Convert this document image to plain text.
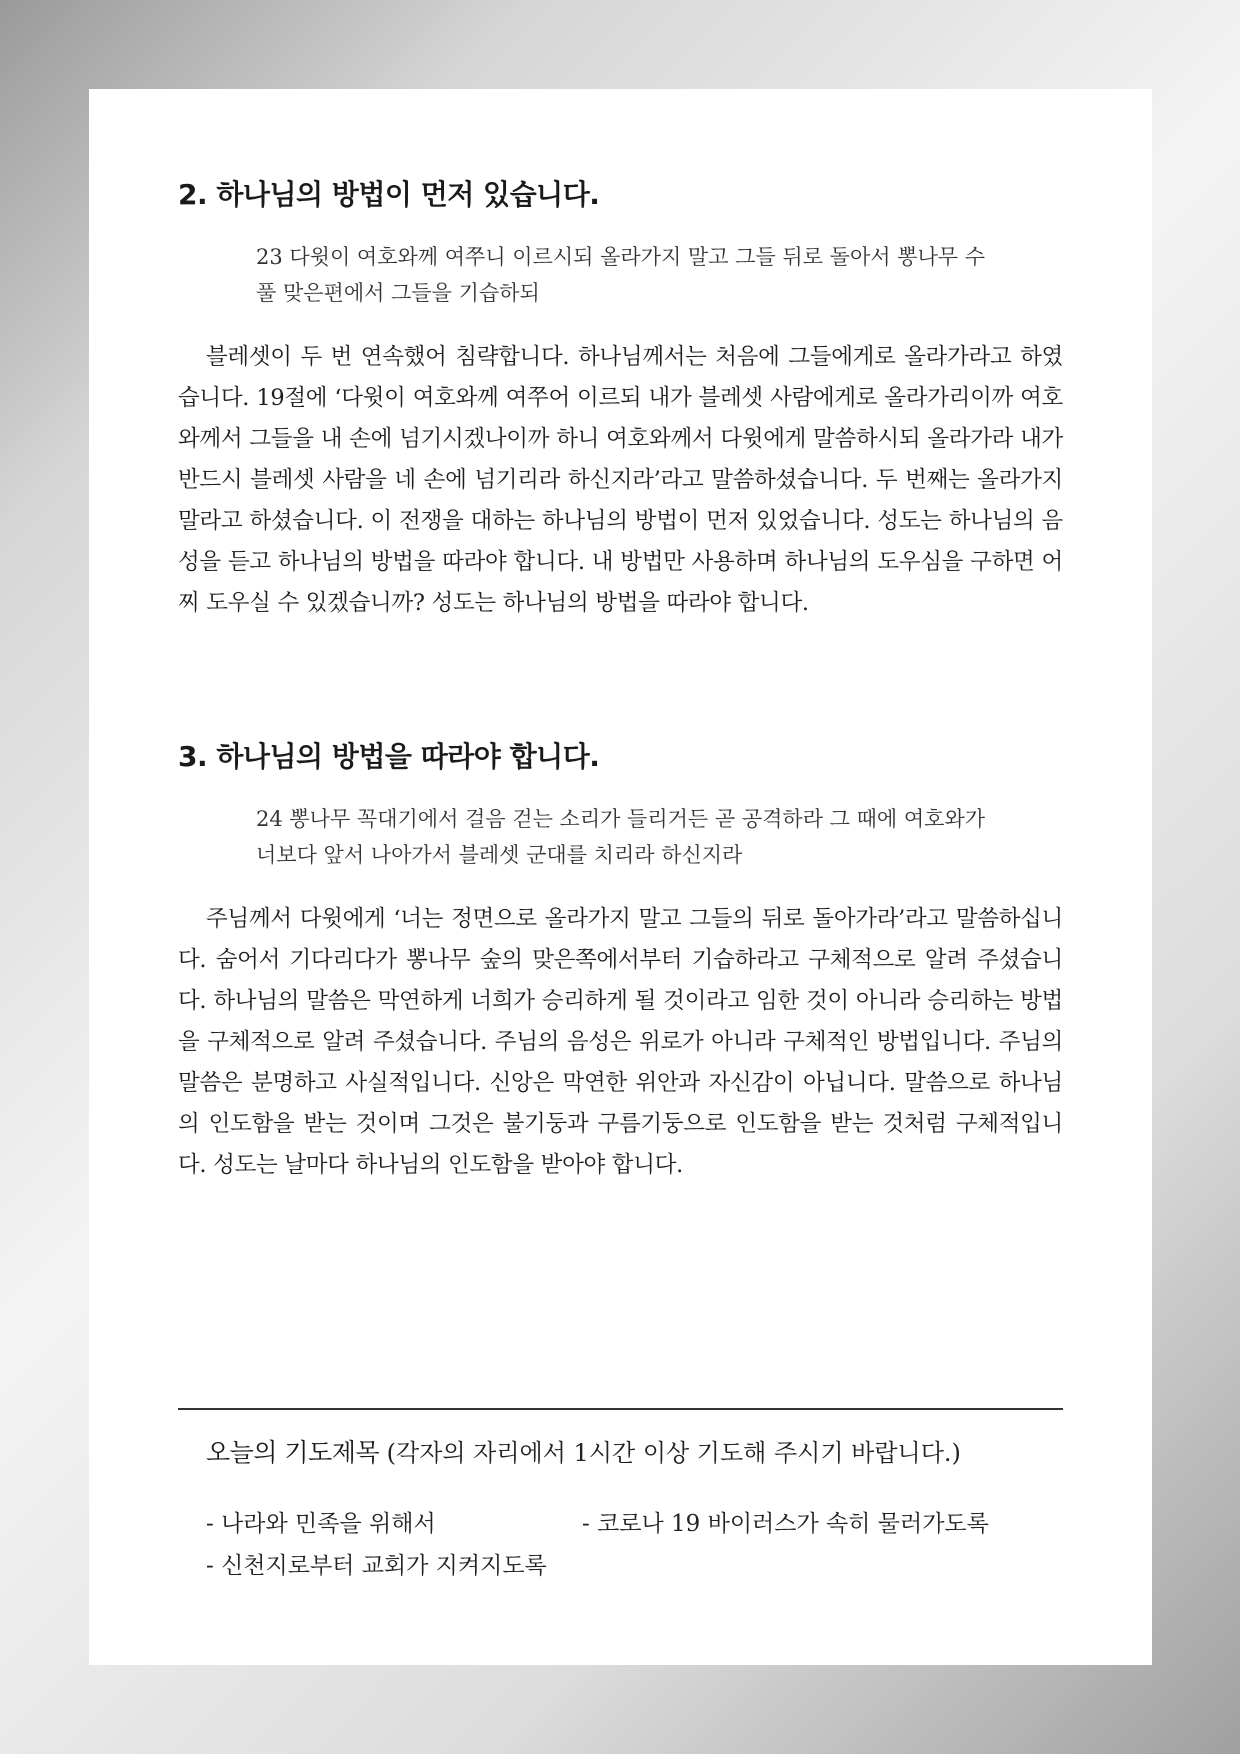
2. 하나님의 방법이 먼저 있습니다.

23 다윗이 여호와께 여쭈니 이르시되 올라가지 말고 그들 뒤로 돌아서 뽕나무 수풀 맞은편에서 그들을 기습하되

블레셋이 두 번 연속했어 침략합니다. 하나님께서는 처음에 그들에게로 올라가라고 하였습니다. 19절에 ‘다윗이 여호와께 여쭈어 이르되 내가 블레셋 사람에게로 올라가리이까 여호와께서 그들을 내 손에 넘기시겠나이까 하니 여호와께서 다윗에게 말씀하시되 올라가라 내가 반드시 블레셋 사람을 네 손에 넘기리라 하신지라’라고 말씀하셨습니다. 두 번째는 올라가지 말라고 하셨습니다. 이 전쟁을 대하는 하나님의 방법이 먼저 있었습니다. 성도는 하나님의 음성을 듣고 하나님의 방법을 따라야 합니다. 내 방법만 사용하며 하나님의 도우심을 구하면 어찌 도우실 수 있겠습니까? 성도는 하나님의 방법을 따라야 합니다.

3. 하나님의 방법을 따라야 합니다.

24 뽕나무 꼭대기에서 걸음 걷는 소리가 들리거든 곧 공격하라 그 때에 여호와가 너보다 앞서 나아가서 블레셋 군대를 치리라 하신지라

주님께서 다윗에게 ‘너는 정면으로 올라가지 말고 그들의 뒤로 돌아가라’라고 말씀하십니다. 숨어서 기다리다가 뽕나무 숲의 맞은쪽에서부터 기습하라고 구체적으로 알려 주셨습니다. 하나님의 말씀은 막연하게 너희가 승리하게 될 것이라고 임한 것이 아니라 승리하는 방법을 구체적으로 알려 주셨습니다. 주님의 음성은 위로가 아니라 구체적인 방법입니다. 주님의 말씀은 분명하고 사실적입니다. 신앙은 막연한 위안과 자신감이 아닙니다. 말씀으로 하나님의 인도함을 받는 것이며 그것은 불기둥과 구름기둥으로 인도함을 받는 것처럼 구체적입니다. 성도는 날마다 하나님의 인도함을 받아야 합니다.

오늘의 기도제목 (각자의 자리에서 1시간 이상 기도해 주시기 바랍니다.)
- 나라와 민족을 위해서	- 코로나 19 바이러스가 속히 물러가도록
- 신천지로부터 교회가 지켜지도록
